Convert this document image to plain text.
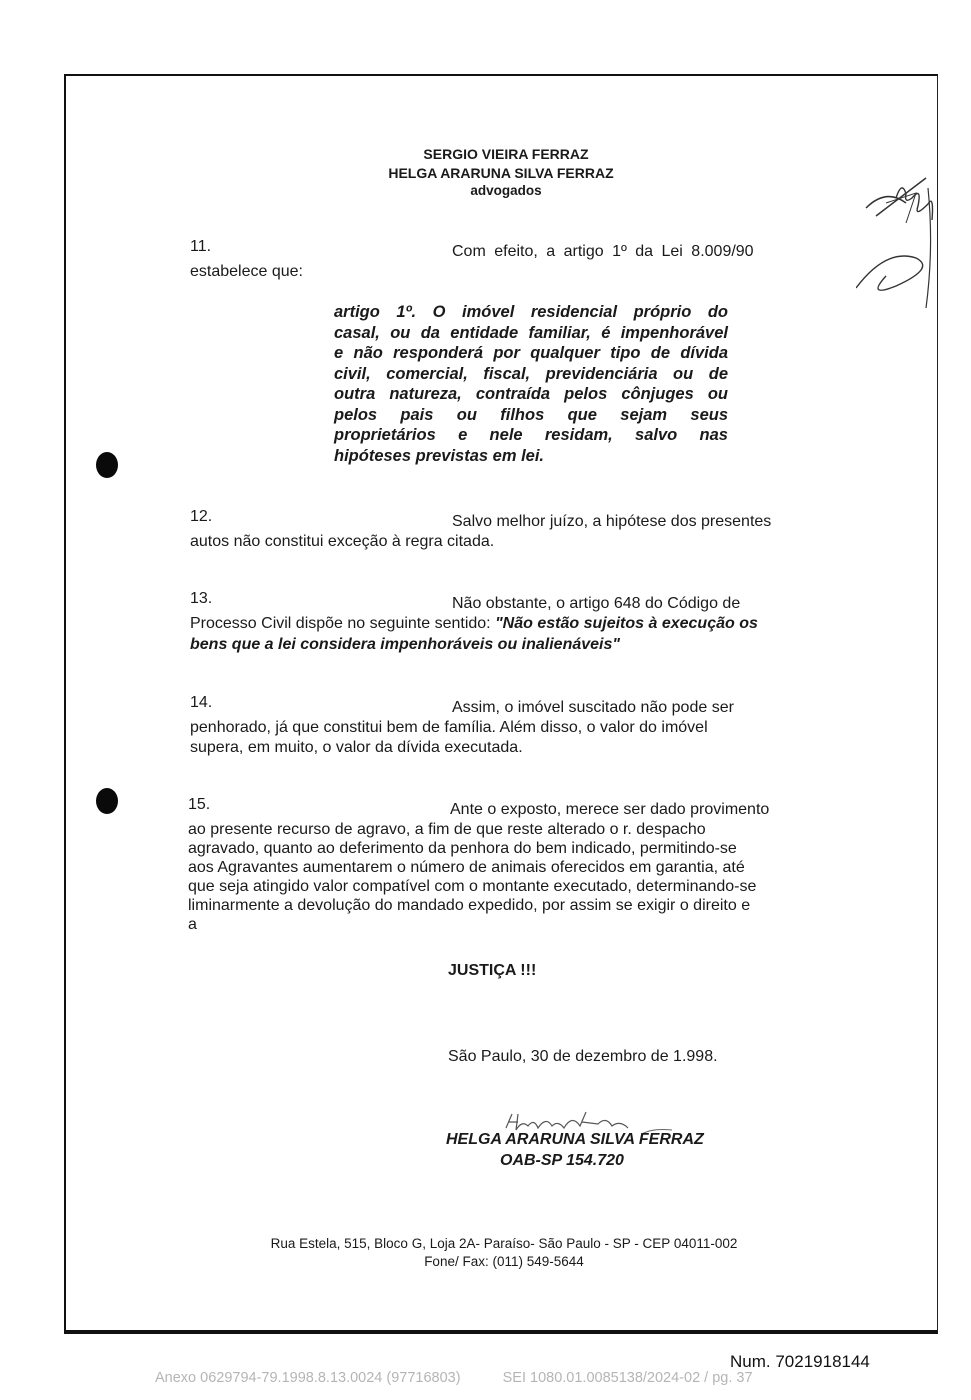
SERGIO VIEIRA FERRAZ
HELGA ARARUNA SILVA FERRAZ
advogados
11.	Com efeito, a artigo 1º da Lei 8.009/90
estabelece que:
artigo 1º. O imóvel residencial próprio do
casal, ou da entidade familiar, é impenhorável
e não responderá por qualquer tipo de dívida
civil, comercial, fiscal, previdenciária ou de
outra natureza, contraída pelos cônjuges ou
pelos pais ou filhos que sejam seus
proprietários e nele residam, salvo nas
hipóteses previstas em lei.
12.	Salvo melhor juízo, a hipótese dos presentes
autos não constitui exceção à regra citada.
13.	Não obstante, o artigo 648 do Código de
Processo Civil dispõe no seguinte sentido: "Não estão sujeitos à execução os
bens que a lei considera impenhoráveis ou inalienáveis"
14.	Assim, o imóvel suscitado não pode ser
penhorado, já que constitui bem de família. Além disso, o valor do imóvel
supera, em muito, o valor da dívida executada.
15.	Ante o exposto, merece ser dado provimento
ao presente recurso de agravo, a fim de que reste alterado o r. despacho
agravado, quanto ao deferimento da penhora do bem indicado, permitindo-se
aos Agravantes aumentarem o número de animais oferecidos em garantia, até
que seja atingido valor compatível com o montante executado, determinando-se
liminarmente a devolução do mandado expedido, por assim se exigir o direito e
a
JUSTIÇA !!!
São Paulo, 30 de dezembro de 1.998.
HELGA ARARUNA SILVA FERRAZ
OAB-SP 154.720
Rua Estela, 515, Bloco G, Loja 2A- Paraíso- São Paulo - SP - CEP 04011-002
Fone/ Fax: (011) 549-5644
Num. 7021918144
Anexo 0629794-79.1998.8.13.0024 (97716803)	SEI 1080.01.0085138/2024-02 / pg. 37
